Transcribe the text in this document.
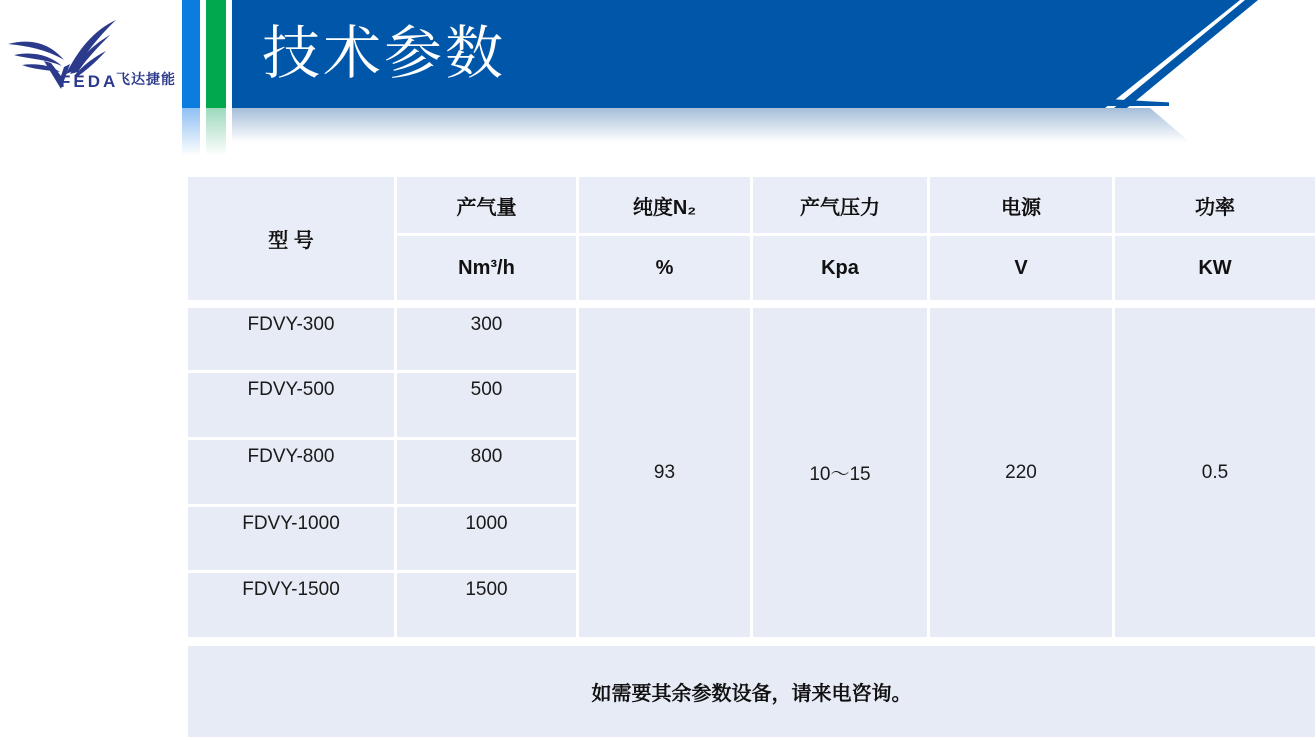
FEDA
飞达捷能 技术参数
型 号
产气量	纯度N₂	产气压力	电源	功率
Nm³/h	%	Kpa	V	KW
FDVY-300	300
FDVY-500	500
FDVY-800	800
FDVY-1000	1000
FDVY-1500	1500
93	10～15	220	0.5
如需要其余参数设备，请来电咨询。
